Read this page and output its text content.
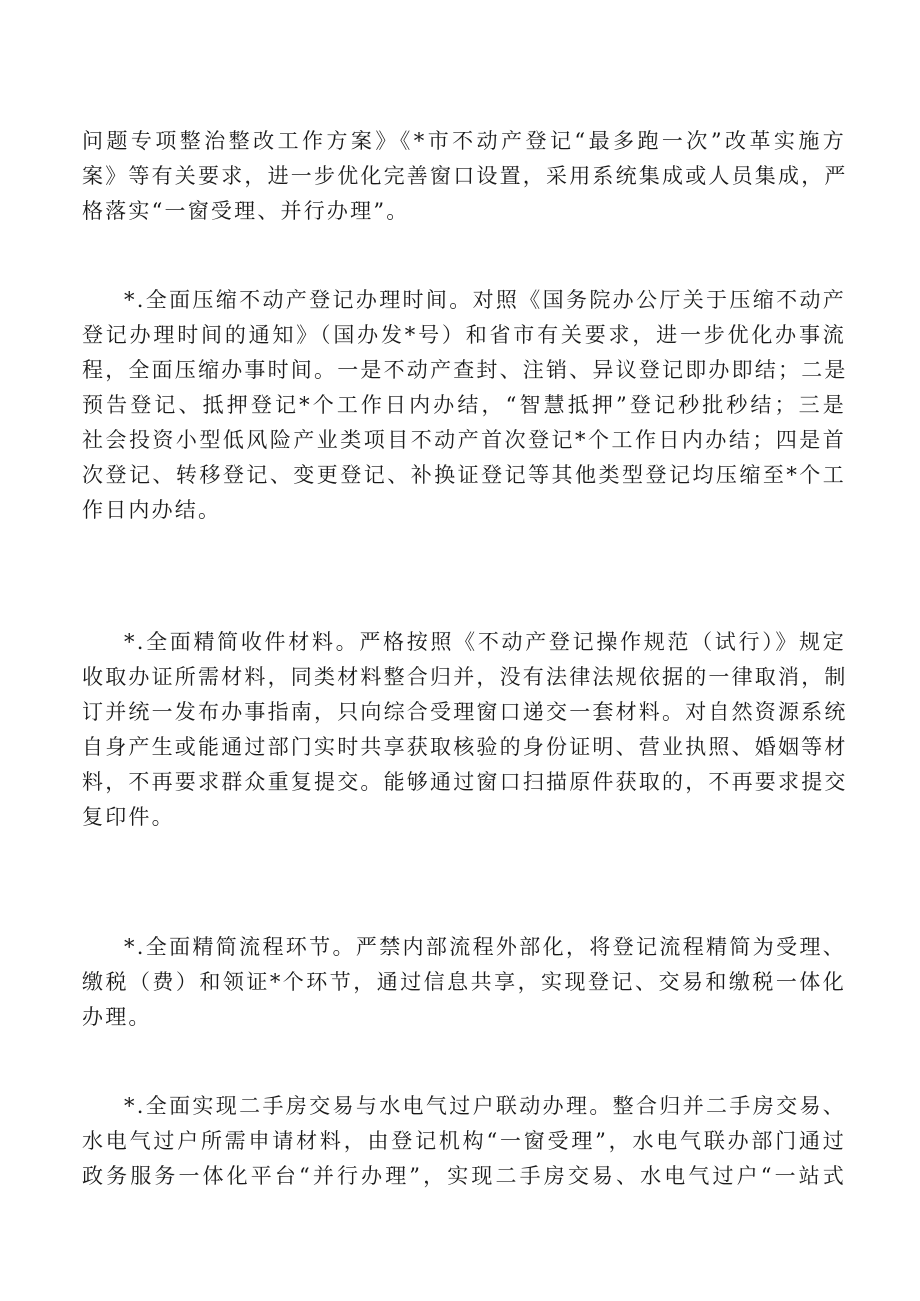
问题专项整治整改工作方案》《*市不动产登记“最多跑一次”改革实施方
案》等有关要求，进一步优化完善窗口设置，采用系统集成或人员集成，严
格落实“一窗受理、并行办理”。

*.全面压缩不动产登记办理时间。对照《国务院办公厅关于压缩不动产
登记办理时间的通知》（国办发*号）和省市有关要求，进一步优化办事流
程，全面压缩办事时间。一是不动产查封、注销、异议登记即办即结；二是
预告登记、抵押登记*个工作日内办结，“智慧抵押”登记秒批秒结；三是
社会投资小型低风险产业类项目不动产首次登记*个工作日内办结；四是首
次登记、转移登记、变更登记、补换证登记等其他类型登记均压缩至*个工
作日内办结。

*.全面精简收件材料。严格按照《不动产登记操作规范（试行）》规定
收取办证所需材料，同类材料整合归并，没有法律法规依据的一律取消，制
订并统一发布办事指南，只向综合受理窗口递交一套材料。对自然资源系统
自身产生或能通过部门实时共享获取核验的身份证明、营业执照、婚姻等材
料，不再要求群众重复提交。能够通过窗口扫描原件获取的，不再要求提交
复印件。

*.全面精简流程环节。严禁内部流程外部化，将登记流程精简为受理、
缴税（费）和领证*个环节，通过信息共享，实现登记、交易和缴税一体化
办理。

*.全面实现二手房交易与水电气过户联动办理。整合归并二手房交易、
水电气过户所需申请材料，由登记机构“一窗受理”，水电气联办部门通过
政务服务一体化平台“并行办理”，实现二手房交易、水电气过户“一站式
